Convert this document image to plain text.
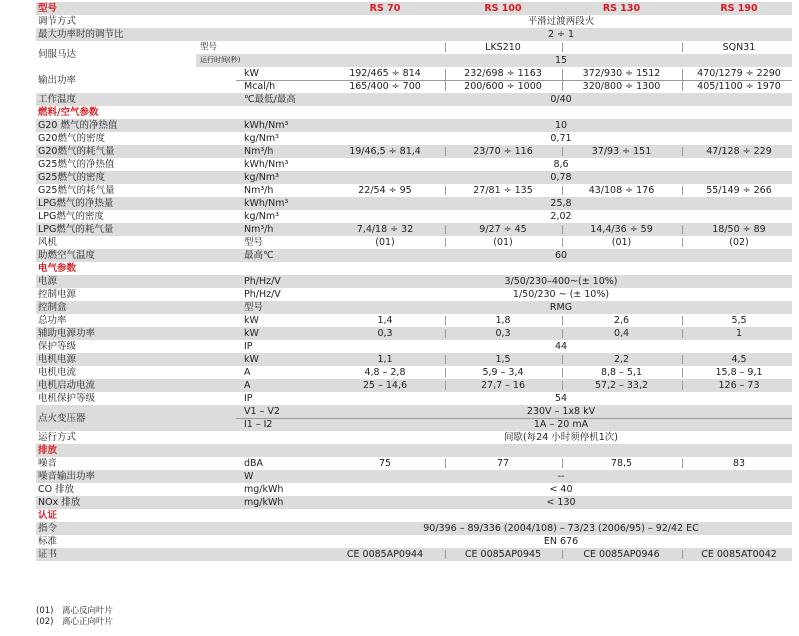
型号	RS 70	RS 100	RS 130	RS 190
调节方式	平滑过渡两段火
最大功率时的调节比	2 ÷ 1
伺服马达
型号	LKS210	SQN31
运行时间(秒)	15
输出功率
kW	192/465 ÷ 814	232/698 ÷ 1163	372/930 ÷ 1512	470/1279 ÷ 2290
Mcal/h	165/400 ÷ 700	200/600 ÷ 1000	320/800 ÷ 1300	405/1100 ÷ 1970
工作温度	℃最低/最高	0/40
燃料/空气参数
G20 燃气的净热值	kWh/Nm³	10
G20燃气的密度	kg/Nm³	0,71
G20燃气的耗气量	Nm³/h	19/46,5 ÷ 81,4	23/70 ÷ 116	37/93 ÷ 151	47/128 ÷ 229
G25燃气的净热值	kWh/Nm³	8,6
G25燃气的密度	kg/Nm³	0,78
G25燃气的耗气量	Nm³/h	22/54 ÷ 95	27/81 ÷ 135	43/108 ÷ 176	55/149 ÷ 266
LPG燃气的净热量	kWh/Nm³	25,8
LPG燃气的密度	kg/Nm³	2,02
LPG燃气的耗气量	Nm³/h	7,4/18 ÷ 32	9/27 ÷ 45	14,4/36 ÷ 59	18/50 ÷ 89
风机	型号	(01)	(01)	(01)	(02)
助燃空气温度	最高℃	60
电气参数
电源	Ph/Hz/V	3/50/230–400~(± 10%)
控制电源	Ph/Hz/V	1/50/230 ~ (± 10%)
控制盒	型号	RMG
总功率	kW	1,4	1,8	2,6	5,5
辅助电源功率	kW	0,3	0,3	0,4	1
保护等级	IP	44
电机电源	kW	1,1	1,5	2,2	4,5
电机电流	A	4,8 – 2,8	5,9 – 3,4	8,8 – 5,1	15,8 – 9,1
电机启动电流	A	25 – 14,6	27,7 – 16	57,2 – 33,2	126 – 73
电机保护等级	IP	54
点火变压器
V1 – V2	230V – 1x8 kV
I1 – I2	1A – 20 mA
运行方式	间歇(每24 小时须停机1次)
排放
噪音	dBA	75	77	78,5	83
噪音输出功率	W	--
CO 排放	mg/kWh	< 40
NOx 排放	mg/kWh	< 130
认证
指令	90/396 – 89/336 (2004/108) – 73/23 (2006/95) – 92/42 EC
标准	EN 676
证书	CE 0085AP0944	CE 0085AP0945	CE 0085AP0946	CE 0085AT0042
(01) 离心反向叶片
(02) 离心正向叶片
